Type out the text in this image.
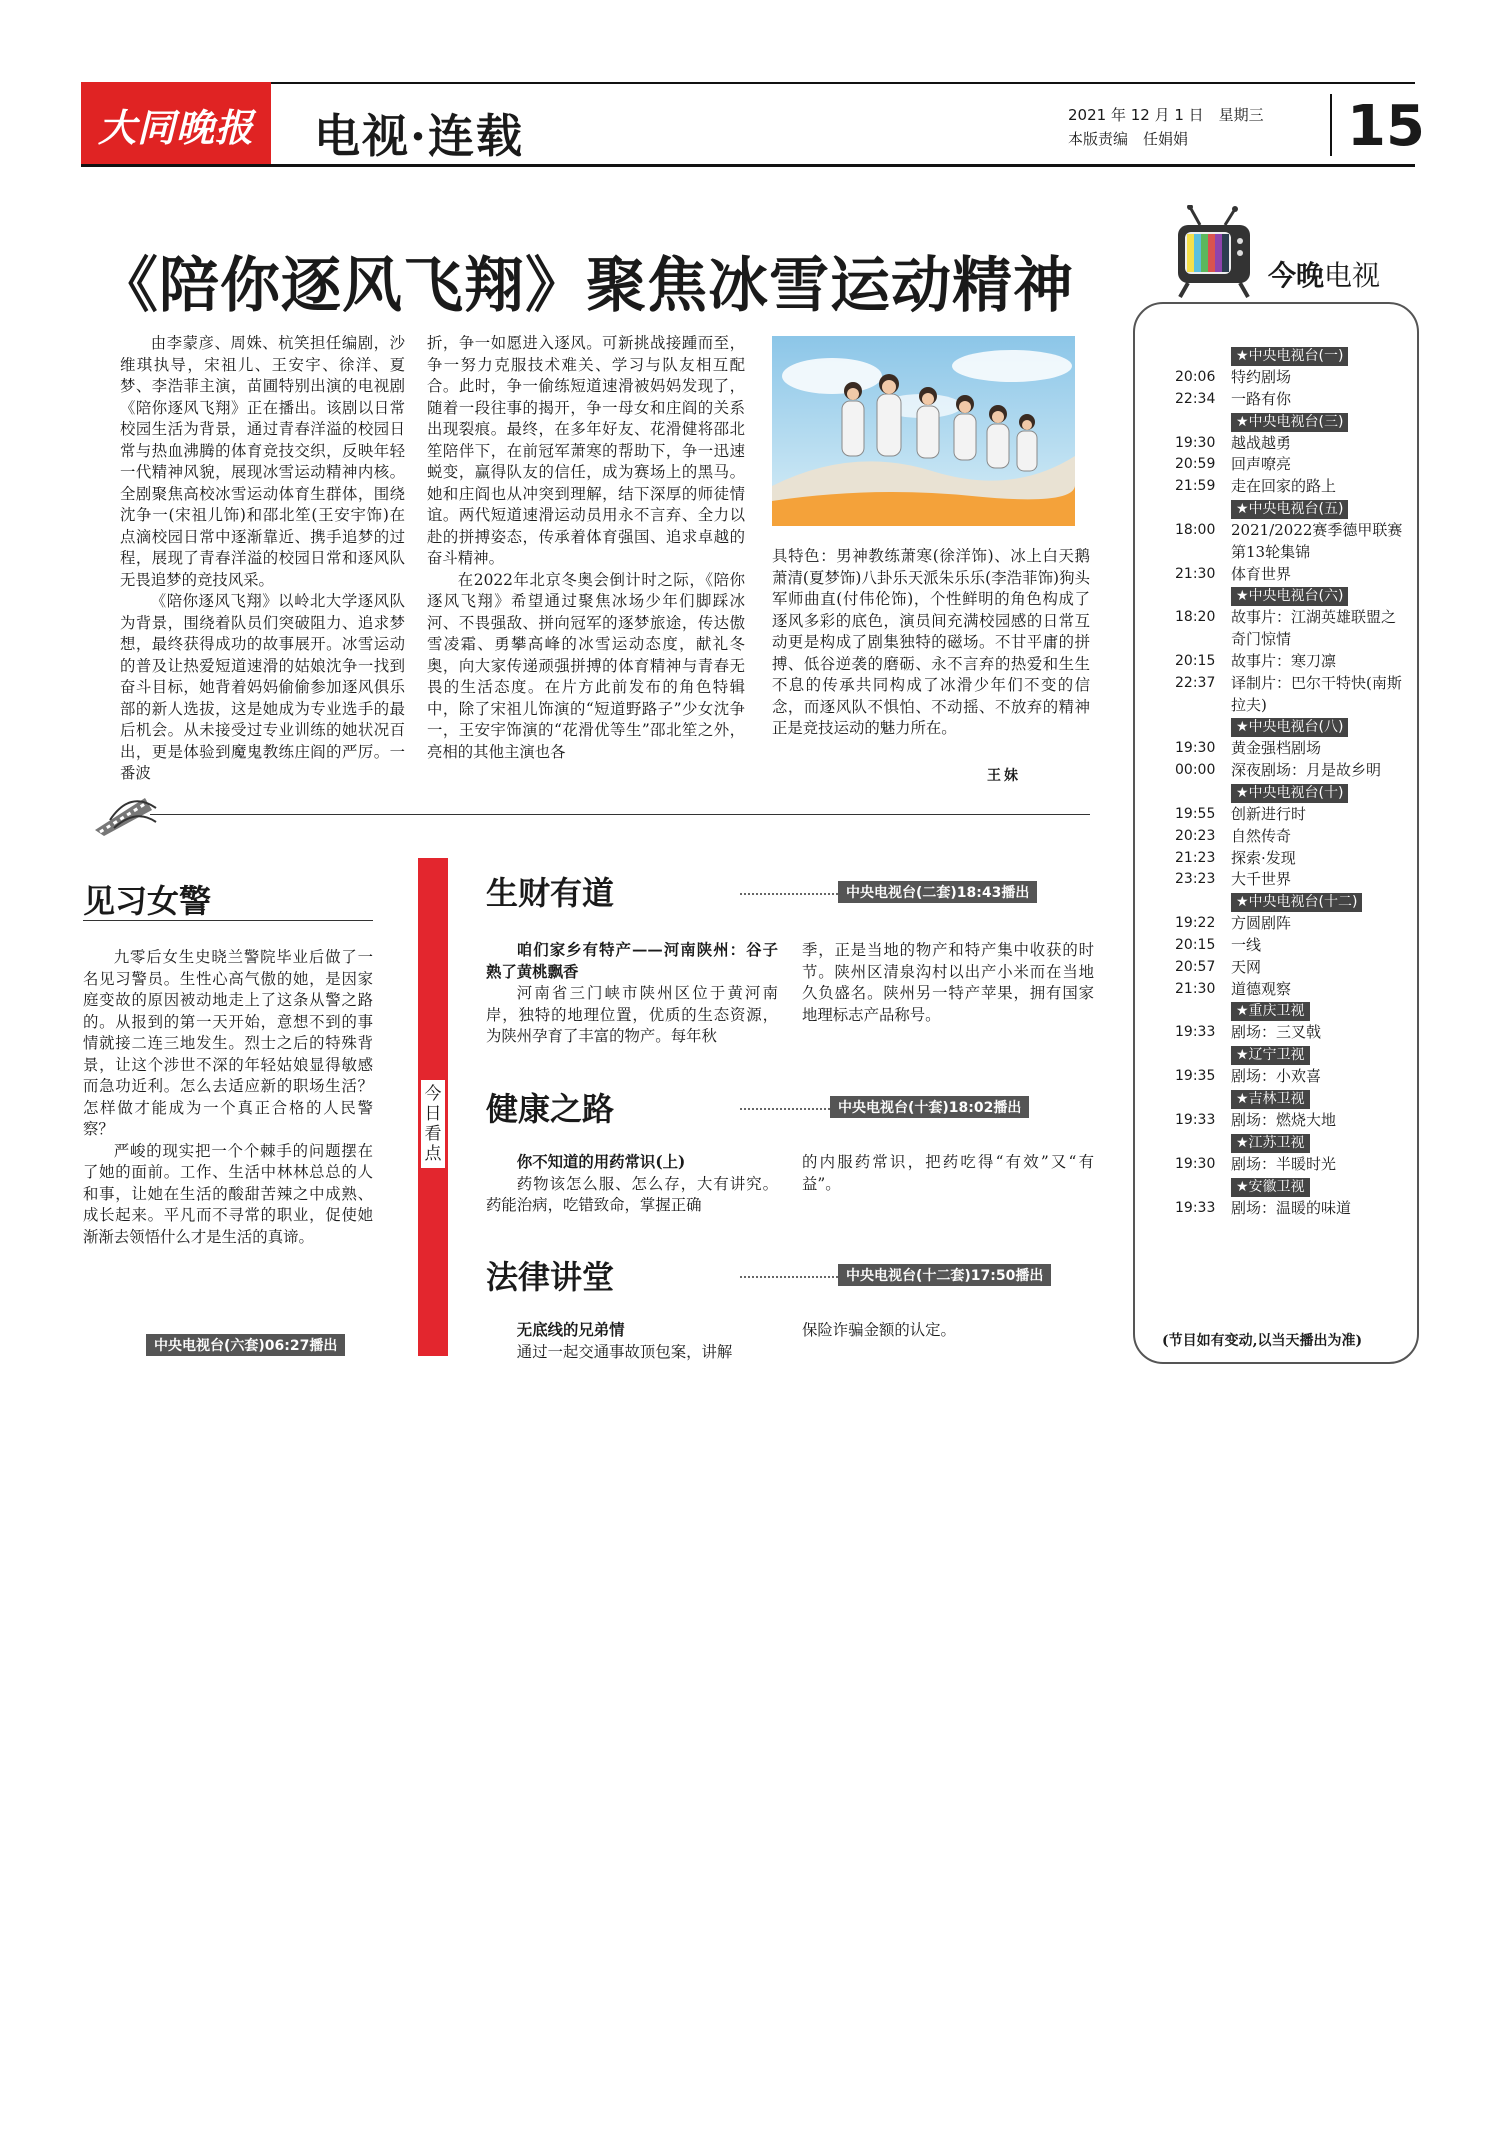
大同晚报 电视·连载	2021 年 12 月 1 日　星期三
本版责编　任娟娟	15
《陪你逐风飞翔》聚焦冰雪运动精神

由李蒙彦、周姝、杭笑担任编剧，沙维琪执导，宋祖儿、王安宇、徐洋、夏梦、李浩菲主演，苗圃特别出演的电视剧《陪你逐风飞翔》正在播出。该剧以日常校园生活为背景，通过青春洋溢的校园日常与热血沸腾的体育竞技交织，反映年轻一代精神风貌，展现冰雪运动精神内核。全剧聚焦高校冰雪运动体育生群体，围绕沈争一(宋祖儿饰)和邵北笙(王安宇饰)在点滴校园日常中逐渐靠近、携手追梦的过程，展现了青春洋溢的校园日常和逐风队无畏追梦的竞技风采。

《陪你逐风飞翔》以岭北大学逐风队为背景，围绕着队员们突破阻力、追求梦想，最终获得成功的故事展开。冰雪运动的普及让热爱短道速滑的姑娘沈争一找到奋斗目标，她背着妈妈偷偷参加逐风俱乐部的新人选拔，这是她成为专业选手的最后机会。从未接受过专业训练的她状况百出，更是体验到魔鬼教练庄阎的严厉。一番波

折，争一如愿进入逐风。可新挑战接踵而至，争一努力克服技术难关、学习与队友相互配合。此时，争一偷练短道速滑被妈妈发现了，随着一段往事的揭开，争一母女和庄阎的关系出现裂痕。最终，在多年好友、花滑健将邵北笙陪伴下，在前冠军萧寒的帮助下，争一迅速蜕变，赢得队友的信任，成为赛场上的黑马。她和庄阎也从冲突到理解，结下深厚的师徒情谊。两代短道速滑运动员用永不言弃、全力以赴的拼搏姿态，传承着体育强国、追求卓越的奋斗精神。

在2022年北京冬奥会倒计时之际，《陪你逐风飞翔》希望通过聚焦冰场少年们脚踩冰河、不畏强敌、拼向冠军的逐梦旅途，传达傲雪凌霜、勇攀高峰的冰雪运动态度，献礼冬奥，向大家传递顽强拼搏的体育精神与青春无畏的生活态度。在片方此前发布的角色特辑中，除了宋祖儿饰演的“短道野路子”少女沈争一，王安宇饰演的“花滑优等生”邵北笙之外，亮相的其他主演也各

具特色：男神教练萧寒(徐洋饰)、冰上白天鹅萧清(夏梦饰)八卦乐天派朱乐乐(李浩菲饰)狗头军师曲直(付伟伦饰)，个性鲜明的角色构成了逐风多彩的底色，演员间充满校园感的日常互动更是构成了剧集独特的磁场。不甘平庸的拼搏、低谷逆袭的磨砺、永不言弃的热爱和生生不息的传承共同构成了冰滑少年们不变的信念，而逐风队不惧怕、不动摇、不放弃的精神正是竞技运动的魅力所在。

王妹
今晚电视
★中央电视台(一)
20:06	特约剧场
22:34	一路有你
★中央电视台(三)
19:30	越战越勇
20:59	回声嘹亮
21:59	走在回家的路上
★中央电视台(五)
18:00	2021/2022赛季德甲联赛第13轮集锦
21:30	体育世界
★中央电视台(六)
18:20	故事片：江湖英雄联盟之奇门惊情
20:15	故事片：寒刀凛
22:37	译制片：巴尔干特快(南斯拉夫)
★中央电视台(八)
19:30	黄金强档剧场
00:00	深夜剧场：月是故乡明
★中央电视台(十)
19:55	创新进行时
20:23	自然传奇
21:23	探索·发现
23:23	大千世界
★中央电视台(十二)
19:22	方圆剧阵
20:15	一线
20:57	天网
21:30	道德观察
★重庆卫视
19:33	剧场：三叉戟
★辽宁卫视
19:35	剧场：小欢喜
★吉林卫视
19:33	剧场：燃烧大地
★江苏卫视
19:30	剧场：半暖时光
★安徽卫视
19:33	剧场：温暖的味道
(节目如有变动,以当天播出为准)
见习女警

九零后女生史晓兰警院毕业后做了一名见习警员。生性心高气傲的她，是因家庭变故的原因被动地走上了这条从警之路的。从报到的第一天开始，意想不到的事情就接二连三地发生。烈士之后的特殊背景，让这个涉世不深的年轻姑娘显得敏感而急功近利。怎么去适应新的职场生活？怎样做才能成为一个真正合格的人民警察？

严峻的现实把一个个棘手的问题摆在了她的面前。工作、生活中林林总总的人和事，让她在生活的酸甜苦辣之中成熟、成长起来。平凡而不寻常的职业，促使她渐渐去领悟什么才是生活的真谛。

中央电视台(六套)06:27播出
今日看点
生财有道	中央电视台(二套)18:43播出

咱们家乡有特产——河南陕州：谷子熟了黄桃飘香

河南省三门峡市陕州区位于黄河南岸，独特的地理位置，优质的生态资源，为陕州孕育了丰富的物产。每年秋

季，正是当地的物产和特产集中收获的时节。陕州区清泉沟村以出产小米而在当地久负盛名。陕州另一特产苹果，拥有国家地理标志产品称号。

健康之路	中央电视台(十套)18:02播出

你不知道的用药常识(上)

药物该怎么服、怎么存，大有讲究。药能治病，吃错致命，掌握正确

的内服药常识，把药吃得“有效”又“有益”。

法律讲堂	中央电视台(十二套)17:50播出

无底线的兄弟情

通过一起交通事故顶包案，讲解

保险诈骗金额的认定。
